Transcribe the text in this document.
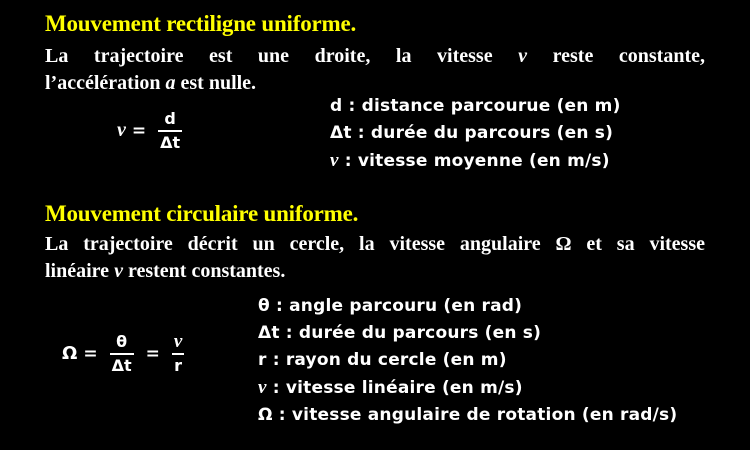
Mouvement rectiligne uniforme.
La trajectoire est une droite, la vitesse v reste constante,
l’accélération a est nulle.
$v = \frac{d}{\Delta t}$
d : distance parcourue (en m)
Δt : durée du parcours (en s)
v : vitesse moyenne (en m/s)
Mouvement circulaire uniforme.
La trajectoire décrit un cercle, la vitesse angulaire Ω et sa vitesse
linéaire v restent constantes.
$\Omega = \frac{\theta}{\Delta t} = \frac{v}{r}$
θ : angle parcouru (en rad)
Δt : durée du parcours (en s)
r : rayon du cercle (en m)
v : vitesse linéaire (en m/s)
Ω : vitesse angulaire de rotation (en rad/s)
